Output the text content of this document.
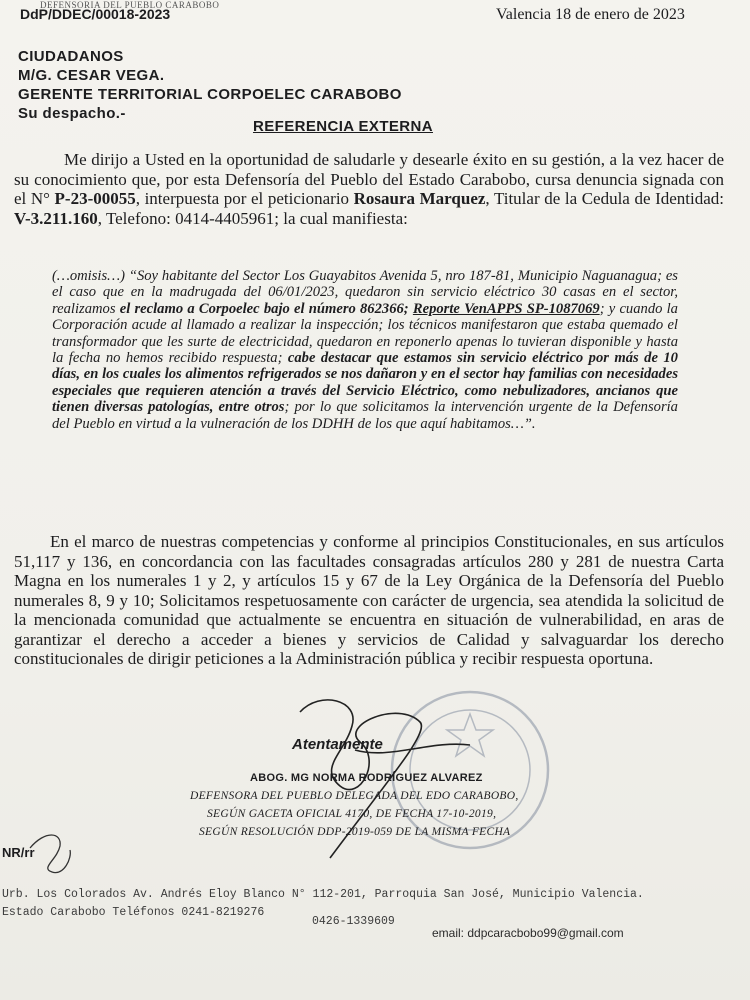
DEFENSORIA DEL PUEBLO CARABOBO
DdP/DDEC/00018-2023	Valencia 18 de enero de 2023
CIUDADANOS
M/G. CESAR VEGA.
GERENTE TERRITORIAL CORPOELEC CARABOBO
Su despacho.-
REFERENCIA EXTERNA
Me dirijo a Usted en la oportunidad de saludarle y desearle éxito en su gestión, a la vez hacer de su conocimiento que, por esta Defensoría del Pueblo del Estado Carabobo, cursa denuncia signada con el N° P-23-00055, interpuesta por el peticionario Rosaura Marquez, Titular de la Cedula de Identidad: V-3.211.160, Telefono: 0414-4405961; la cual manifiesta:
(…omisis…) “Soy habitante del Sector Los Guayabitos Avenida 5, nro 187-81, Municipio Naguanagua; es el caso que en la madrugada del 06/01/2023, quedaron sin servicio eléctrico 30 casas en el sector, realizamos el reclamo a Corpoelec bajo el número 862366; Reporte VenAPPS SP-1087069; y cuando la Corporación acude al llamado a realizar la inspección; los técnicos manifestaron que estaba quemado el transformador que les surte de electricidad, quedaron en reponerlo apenas lo tuvieran disponible y hasta la fecha no hemos recibido respuesta; cabe destacar que estamos sin servicio eléctrico por más de 10 días, en los cuales los alimentos refrigerados se nos dañaron y en el sector hay familias con necesidades especiales que requieren atención a través del Servicio Eléctrico, como nebulizadores, ancianos que tienen diversas patologías, entre otros; por lo que solicitamos la intervención urgente de la Defensoría del Pueblo en virtud a la vulneración de los DDHH de los que aquí habitamos…”.
En el marco de nuestras competencias y conforme al principios Constitucionales, en sus artículos 51,117 y 136, en concordancia con las facultades consagradas artículos 280 y 281 de nuestra Carta Magna en los numerales 1 y 2, y artículos 15 y 67 de la Ley Orgánica de la Defensoría del Pueblo numerales 8, 9 y 10; Solicitamos respetuosamente con carácter de urgencia, sea atendida la solicitud de la mencionada comunidad que actualmente se encuentra en situación de vulnerabilidad, en aras de garantizar el derecho a acceder a bienes y servicios de Calidad y salvaguardar los derecho constitucionales de dirigir peticiones a la Administración pública y recibir respuesta oportuna.
Atentamente
ABOG. MG NORMA RODRÍGUEZ ALVAREZ
DEFENSORA DEL PUEBLO DELEGADA DEL EDO CARABOBO,
SEGÚN GACETA OFICIAL 4170, DE FECHA 17-10-2019,
SEGÚN RESOLUCIÓN DDP-2019-059 DE LA MISMA FECHA
NR/rr
Urb. Los Colorados Av. Andrés Eloy Blanco N° 112-201, Parroquia San José, Municipio Valencia.
Estado Carabobo Teléfonos 0241-8219276
0426-1339609
email: ddpcaracbobo99@gmail.com
